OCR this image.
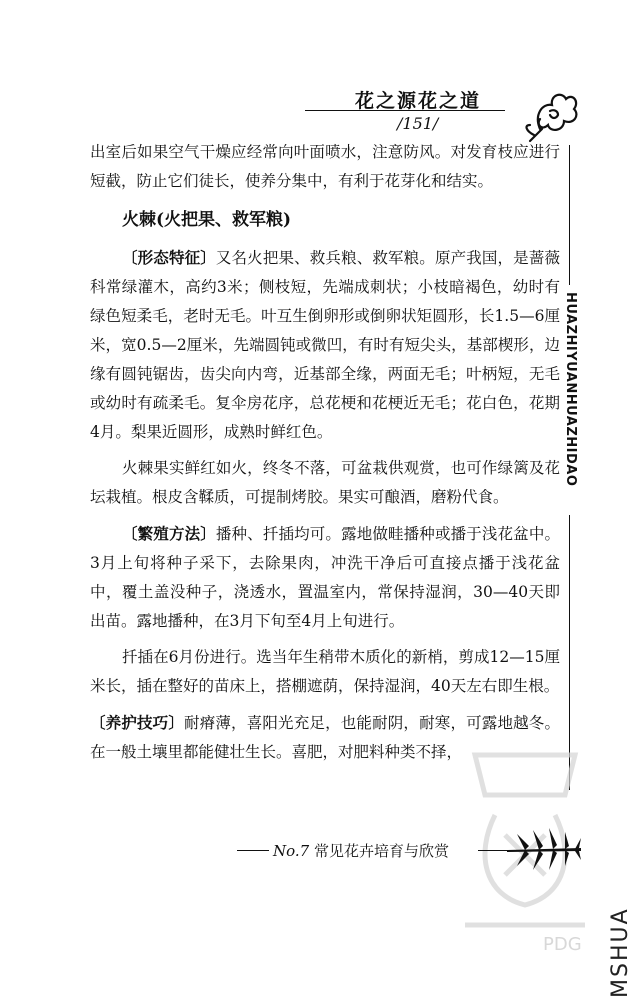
花之源花之道
/151/
HUAZHIYUANHUAZHIDAO

出室后如果空气干燥应经常向叶面喷水，注意防风。对发育枝应进行短截，防止它们徒长，使养分集中，有利于花芽化和结实。

火棘(火把果、救军粮)

〔形态特征〕又名火把果、救兵粮、救军粮。原产我国，是蔷薇科常绿灌木，高约3米；侧枝短，先端成刺状；小枝暗褐色，幼时有绿色短柔毛，老时无毛。叶互生倒卵形或倒卵状矩圆形，长1.5—6厘米，宽0.5—2厘米，先端圆钝或微凹，有时有短尖头，基部楔形，边缘有圆钝锯齿，齿尖向内弯，近基部全缘，两面无毛；叶柄短，无毛或幼时有疏柔毛。复伞房花序，总花梗和花梗近无毛；花白色，花期4月。梨果近圆形，成熟时鲜红色。

火棘果实鲜红如火，终冬不落，可盆栽供观赏，也可作绿篱及花坛栽植。根皮含鞣质，可提制烤胶。果实可酿酒，磨粉代食。

〔繁殖方法〕播种、扦插均可。露地做畦播种或播于浅花盆中。3月上旬将种子采下，去除果肉，冲洗干净后可直接点播于浅花盆中，覆土盖没种子，浇透水，置温室内，常保持湿润，30—40天即出苗。露地播种，在3月下旬至4月上旬进行。

扦插在6月份进行。选当年生稍带木质化的新梢，剪成12—15厘米长，插在整好的苗床上，搭棚遮荫，保持湿润，40天左右即生根。

〔养护技巧〕耐瘠薄，喜阳光充足，也能耐阴，耐寒，可露地越冬。在一般土壤里都能健壮生长。喜肥，对肥料种类不择，

PDG
No.7 常见花卉培育与欣赏
MSHUA
